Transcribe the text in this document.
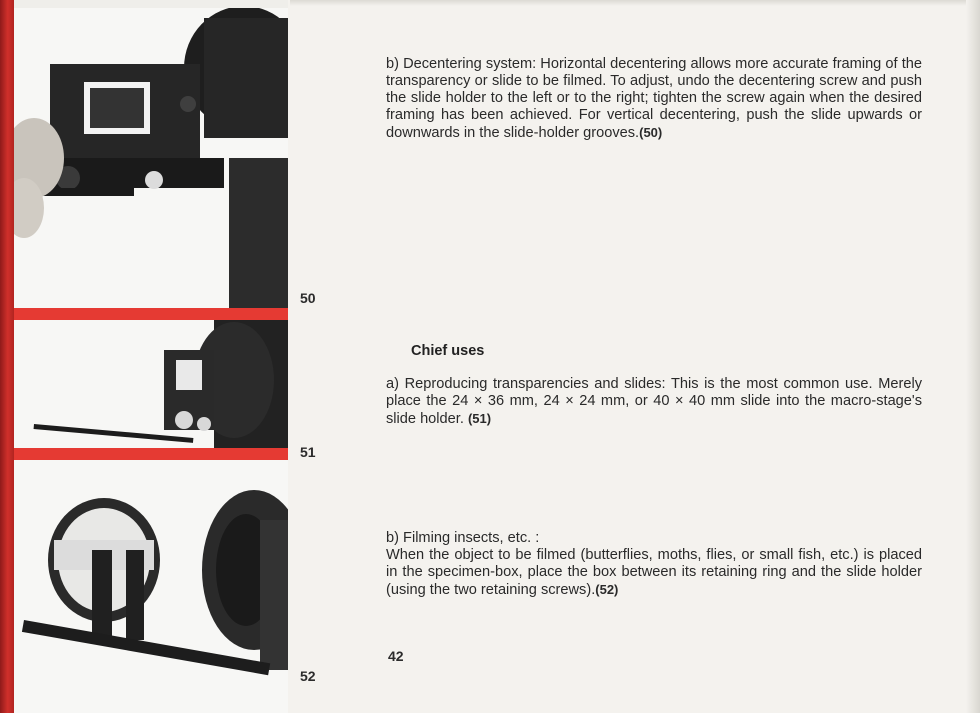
50
51
52
b) Decentering system: Horizontal decentering allows more accurate framing of the transparency or slide to be filmed. To adjust, undo the decentering screw and push the slide holder to the left or to the right; tighten the screw again when the desired framing has been achieved. For vertical decentering, push the slide upwards or downwards in the slide-holder grooves.(50)
Chief uses
a) Reproducing transparencies and slides: This is the most common use. Merely place the 24 × 36 mm, 24 × 24 mm, or 40 × 40 mm slide into the macro-stage's slide holder. (51)
b) Filming insects, etc. :
When the object to be filmed (butterflies, moths, flies, or small fish, etc.) is placed in the specimen-box, place the box between its retaining ring and the slide holder (using the two retaining screws).(52)
42
